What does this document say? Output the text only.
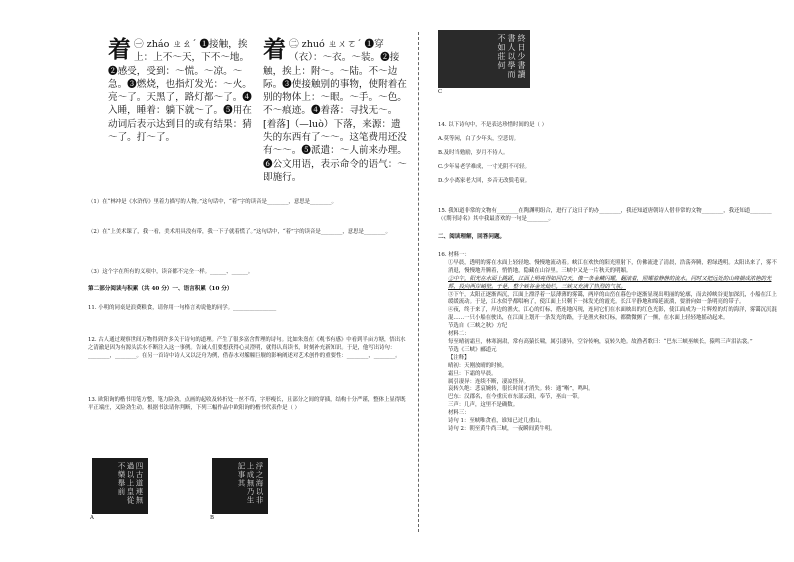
着 ㊀ zháo ㄓㄠˊ ❶接触，挨上：上不～天，下不～地。❷感受，受到：～慌。～凉。～急。❸燃烧，也指灯发光：～火。亮～了。天黑了，路灯都～了。❹入睡，睡着：躺下就～了。❺用在动词后表示达到目的或有结果：猜～了。打～了。
着 ㊁ zhuó ㄓㄨㄛˊ ❶穿（衣）：～衣。～装。❷接触，挨上：附～。～陆。不～边际。❸使接触别的事物，使附着在别的物体上：～眼。～手。～色。不～痕迹。❹着落：寻找无～。[着落]（—luò）下落，来源：遗失的东西有了～～。这笔费用还没有～～。❺派遣：～人前来办理。❻公文用语，表示命令的语气：～即施行。

（1）在“林冲是《水浒传》里着力描写的人物。”这句话中，“着”字的读音是________，意思是________。

（2）在“上美术课了，我一看，美术用具没有带，我一下子就着慌了。”这句话中，“着”字的读音是________，意思是________。

（3）这个字在所有的义项中，读音都不完全一样。______、______。

第二部分阅读与积累（共 40 分）一、语言积累（10 分）

11. 小明的同桌是浪费粮食，请你用一句格言劝说他的同学。________________

12. 古人通过观察世间万物得到许多关于诗句的道理。产生了很多富含哲理的诗句。比如朱熹在《观书有感》中看到半亩方塘，悟出水之清澈是因为有源头活水不断注入这一事例。告诫人们要想获得心灵澄明，就得认真读书，时刻补充新知识。于是，他写出诗句：________，________。在另一首诗中诗人又以泛舟为例，借春水对艨艟巨舰的影响阐述对艺术创作的重要性：________，________。

13. 欧阳询的楷书用笔方整，笔力险劲，点画的起收及转折处一丝不苟，字形瘦长，且部分之间的穿插，结构十分严谨，整体上显得既平正端庄，又险劲生动。根据书法请你判断，下列三幅作品中欧阳询的楷书代表作是（ ）

四古道連無過以上皇從不樂舉前
A
浮之海以非上成無乃生記事其
B
終日少書讀書人以學而不如莊何
C

14. 以下诗句中，不是表达珍惜时间的是（ ）

A.莫等闲，白了少年头，空悲切。

B.及时当勉励，岁月不待人。

C.少年易老学难成，一寸光阴不可轻。

D.少小离家老大回，乡音无改鬓毛衰。

15. 我知道非常的文物有________在陶渊明组合，进行了这日子的办________，我还知道唐朝诗人借非常的文物________，我还知道________（《期刊诗名》其中我最喜欢的一句是________。

二、阅读理解，回答问题。

16. 材料一：

①早晨，透明的雾在水面上轻轻地、慢慢地流动着。峡江在欢快的阳光照射下，仿佛流进了清晨，浩荡奔腾，碧绿透明。太阳出来了，雾不消退，慢慢地升腾着，悄悄地，隐藏在山谷里。三峡中又是一片秋天的明媚。

②中午，阳光在水面上跳跃，江面上明亮得如同白天，像一条金鳞闪耀，翻滚着，照耀着静静的流水。同时又把远处的山峰描成浓艳的光辉，投向两岸峭壁。于是，整个峡谷金光灿烂，三峡又充满了热烈的气氛。

③下午，太阳正逐渐西沉，江面上漂浮着一层薄薄的雾霭，两岸的山峦在暮色中逐渐显现出明丽的轮廓，而去掉峡谷更加深沉，小船在江上缓缓流动。于是，江水似乎都唱响了，使江面上只剩下一抹发光的霞光。长江平静地和绵延流淌，要滑向如一条明亮的带子。

④夜，终于来了，岸边的渔火，江心的灯标，搭连地闪现，连同它们在水面映出的红色光影，使江面成为一片辉煌的灯的海洋，雾霭沉沉混混……一只小船在驶出，在江面上划开一条发光的路，于是渔火和灯标，都微微颤了一颤，在水面上轻轻地摇动起来。

节选自《三峡之秋》方纪

材料二：

每至晴初霜旦，林寒涧肃，常有高猿长啸，属引凄异，空谷传响，哀转久绝。故渔者歌曰：“巴东三峡巫峡长，猿鸣三声泪沾裳。”

节选《三峡》郦道元

【注释】

晴初：天刚放晴的时候。

霜旦：下霜的早晨。

属引凄异：连续不断，凄凉怪异。

哀转久绝：悲哀婉转，很长时间才消失。转：通“啭”，鸣叫。

巴东：汉郡名，在今重庆市东部云阳，奉节，巫山一带。

三声：几声，这里不是确数。

材料三：

诗句 1：至峡唯贪看，谁知已过几重山。

诗句 2：朝至黄牛尚三峡，一夜瞬间黄牛明。
